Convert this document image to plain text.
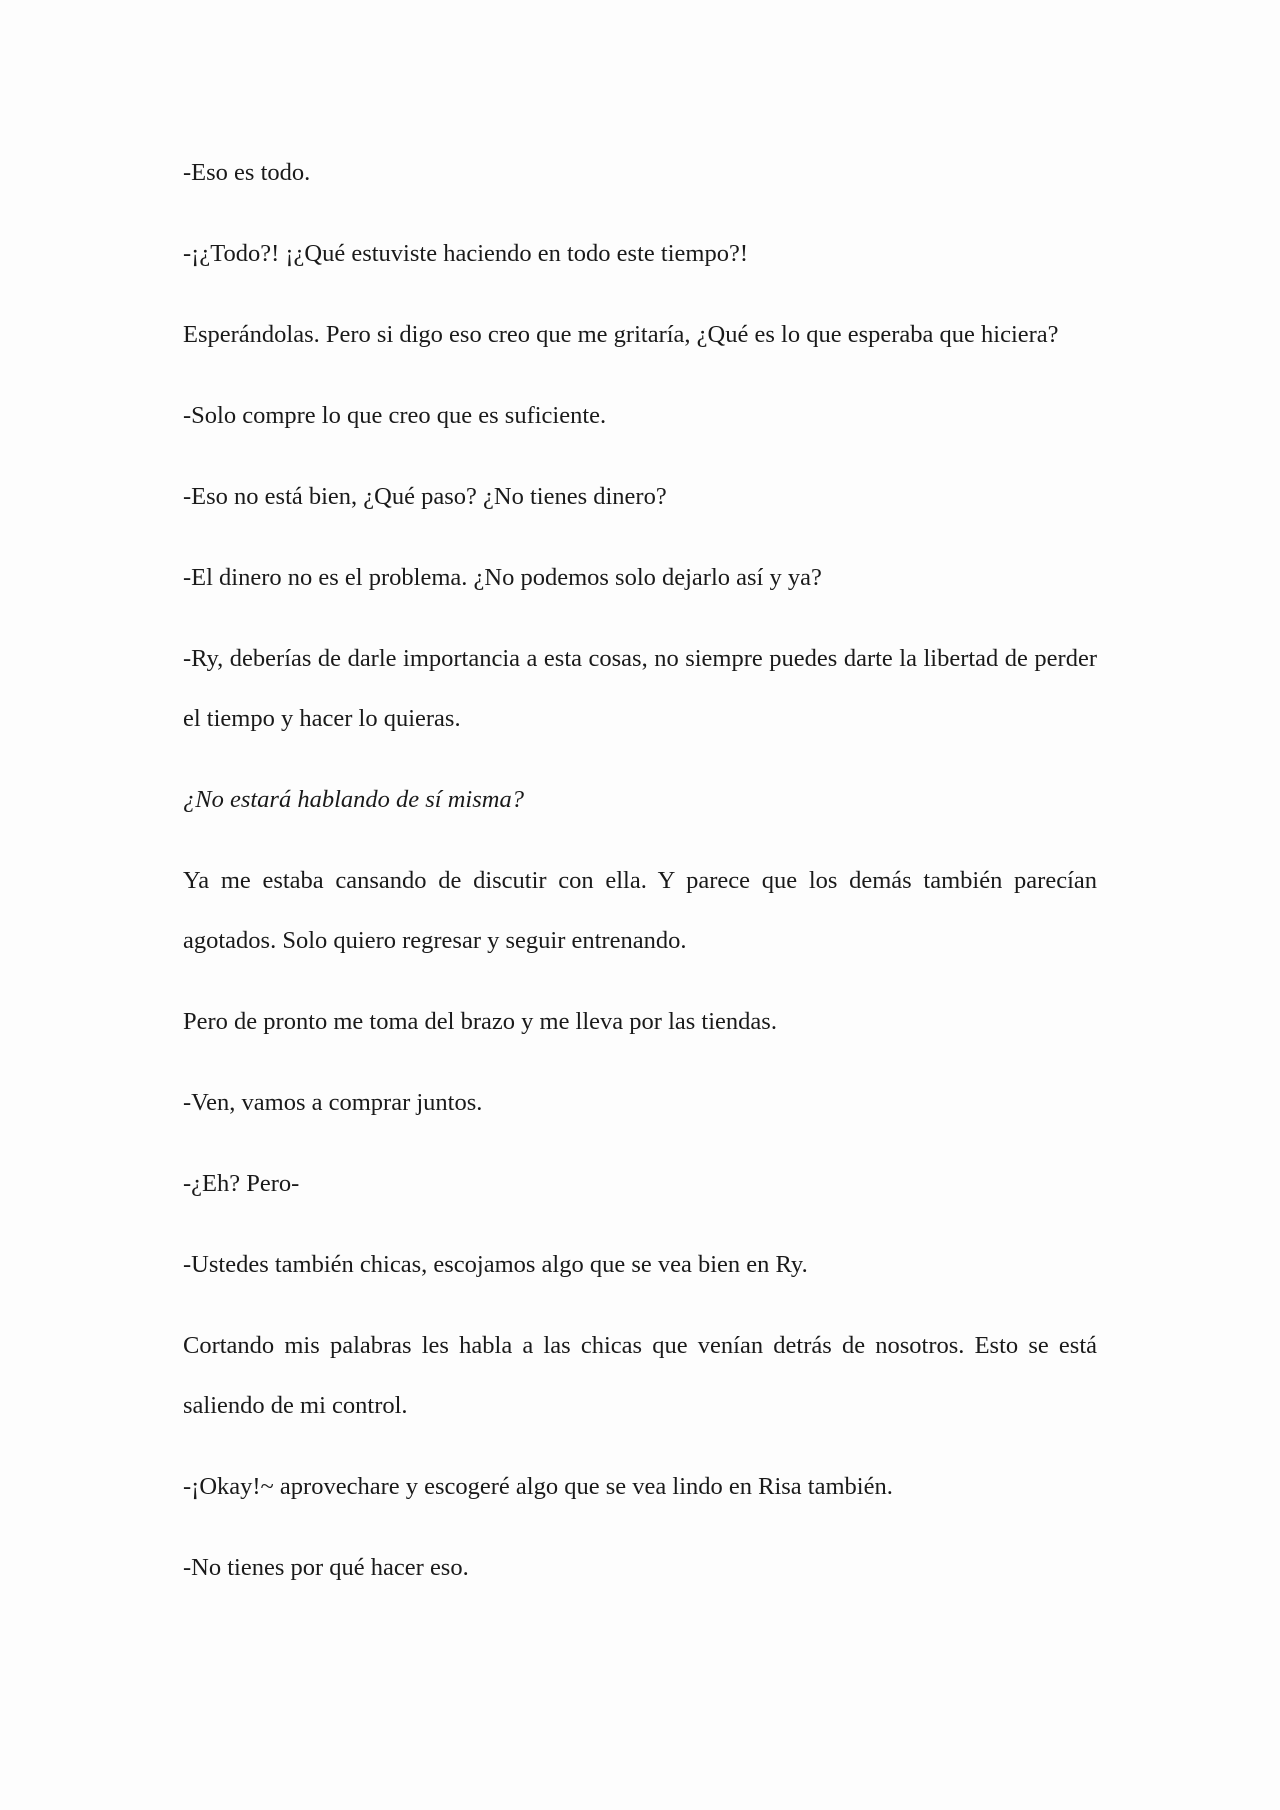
-Eso es todo.

-¡¿Todo?! ¡¿Qué estuviste haciendo en todo este tiempo?!

Esperándolas. Pero si digo eso creo que me gritaría, ¿Qué es lo que esperaba que hiciera?

-Solo compre lo que creo que es suficiente.

-Eso no está bien, ¿Qué paso? ¿No tienes dinero?

-El dinero no es el problema. ¿No podemos solo dejarlo así y ya?

-Ry, deberías de darle importancia a esta cosas, no siempre puedes darte la libertad de perder el tiempo y hacer lo quieras.

¿No estará hablando de sí misma?

Ya me estaba cansando de discutir con ella. Y parece que los demás también parecían agotados. Solo quiero regresar y seguir entrenando.

Pero de pronto me toma del brazo y me lleva por las tiendas.

-Ven, vamos a comprar juntos.

-¿Eh? Pero-

-Ustedes también chicas, escojamos algo que se vea bien en Ry.

Cortando mis palabras les habla a las chicas que venían detrás de nosotros. Esto se está saliendo de mi control.

-¡Okay!~ aprovechare y escogeré algo que se vea lindo en Risa también.

-No tienes por qué hacer eso.
